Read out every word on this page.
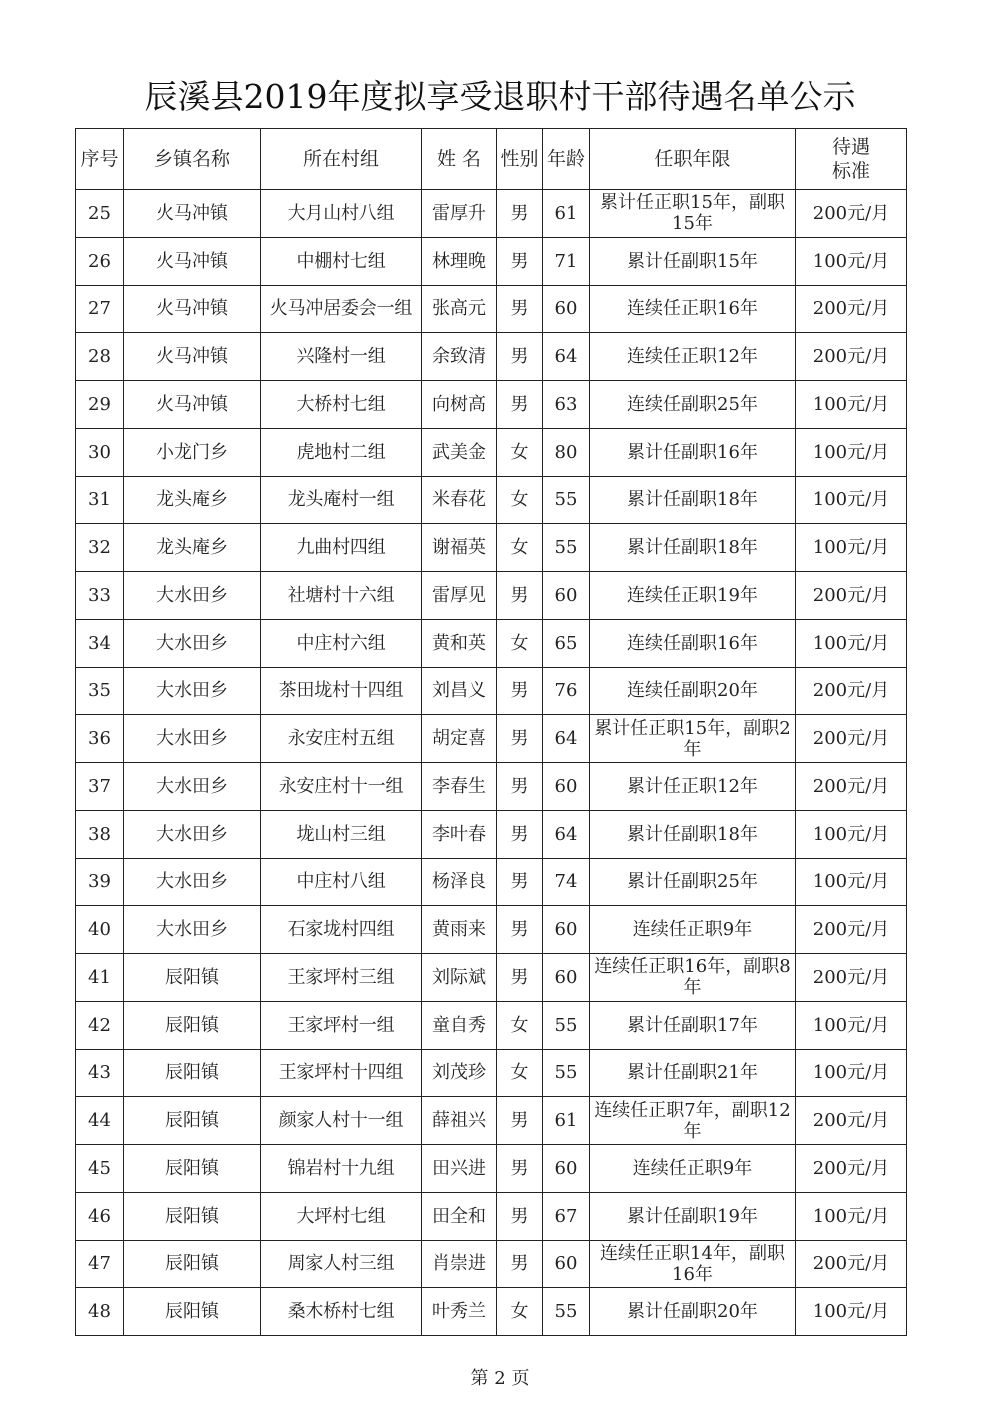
辰溪县2019年度拟享受退职村干部待遇名单公示
序号	乡镇名称	所在村组	姓 名	性别	年龄	任职年限	待遇
标准

25	火马冲镇	大月山村八组	雷厚升	男	61	累计任正职15年，副职15年	200元/月
26	火马冲镇	中棚村七组	林理晚	男	71	累计任副职15年	100元/月
27	火马冲镇	火马冲居委会一组	张高元	男	60	连续任正职16年	200元/月
28	火马冲镇	兴隆村一组	余致清	男	64	连续任正职12年	200元/月
29	火马冲镇	大桥村七组	向树高	男	63	连续任副职25年	100元/月
30	小龙门乡	虎地村二组	武美金	女	80	累计任副职16年	100元/月
31	龙头庵乡	龙头庵村一组	米春花	女	55	累计任副职18年	100元/月
32	龙头庵乡	九曲村四组	谢福英	女	55	累计任副职18年	100元/月
33	大水田乡	社塘村十六组	雷厚见	男	60	连续任正职19年	200元/月
34	大水田乡	中庄村六组	黄和英	女	65	连续任副职16年	100元/月
35	大水田乡	茶田垅村十四组	刘昌义	男	76	连续任副职20年	200元/月
36	大水田乡	永安庄村五组	胡定喜	男	64	累计任正职15年，副职2年	200元/月
37	大水田乡	永安庄村十一组	李春生	男	60	累计任正职12年	200元/月
38	大水田乡	垅山村三组	李叶春	男	64	累计任副职18年	100元/月
39	大水田乡	中庄村八组	杨泽良	男	74	累计任副职25年	100元/月
40	大水田乡	石家垅村四组	黄雨来	男	60	连续任正职9年	200元/月
41	辰阳镇	王家坪村三组	刘际斌	男	60	连续任正职16年，副职8年	200元/月
42	辰阳镇	王家坪村一组	童自秀	女	55	累计任副职17年	100元/月
43	辰阳镇	王家坪村十四组	刘茂珍	女	55	累计任副职21年	100元/月
44	辰阳镇	颜家人村十一组	薛祖兴	男	61	连续任正职7年，副职12年	200元/月
45	辰阳镇	锦岩村十九组	田兴进	男	60	连续任正职9年	200元/月
46	辰阳镇	大坪村七组	田全和	男	67	累计任副职19年	100元/月
47	辰阳镇	周家人村三组	肖崇进	男	60	连续任正职14年，副职16年	200元/月
48	辰阳镇	桑木桥村七组	叶秀兰	女	55	累计任副职20年	100元/月
第 2 页
